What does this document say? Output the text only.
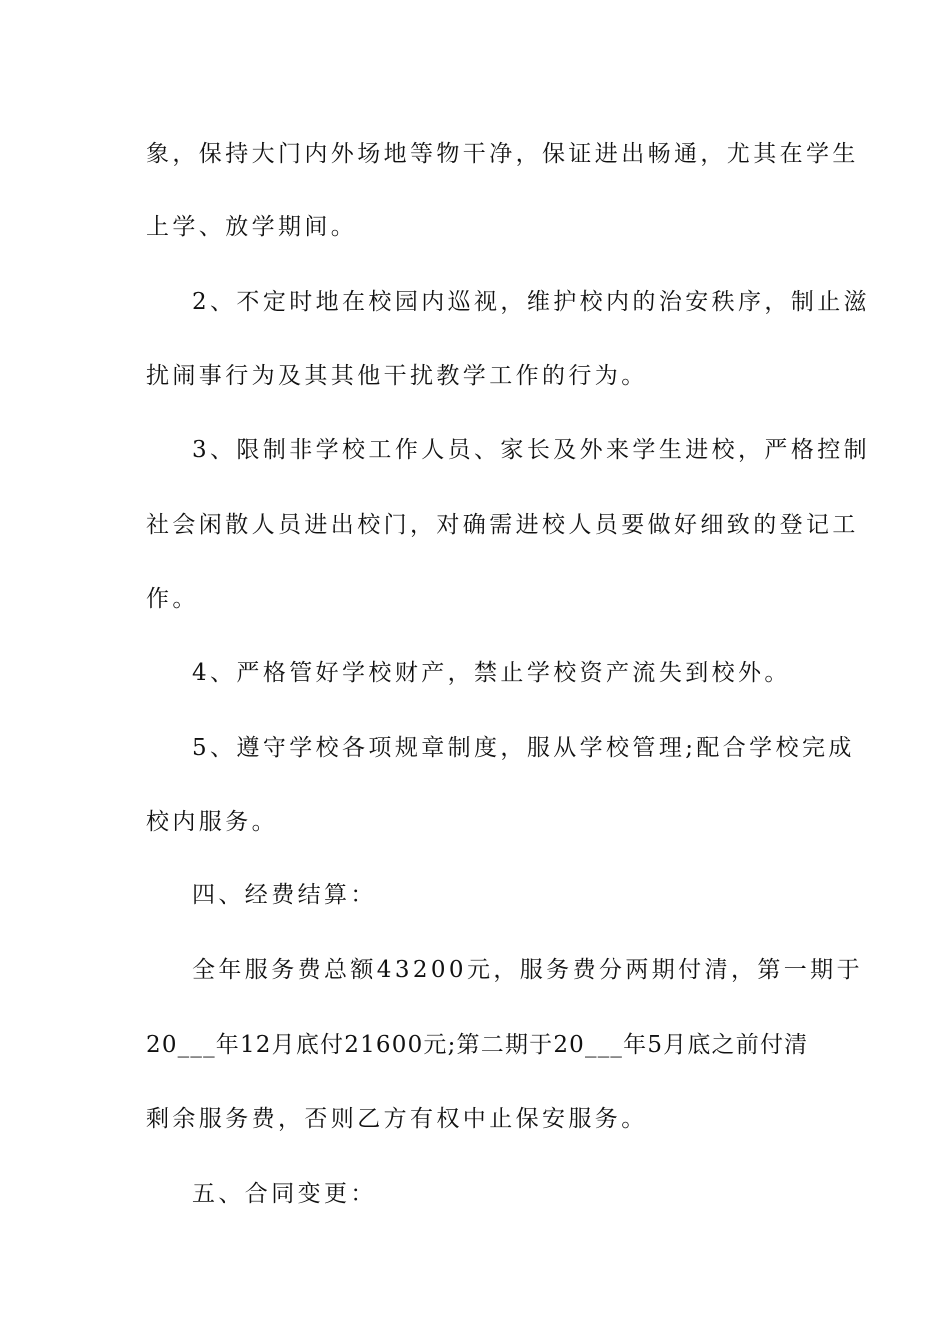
象，保持大门内外场地等物干净，保证进出畅通，尤其在学生
上学、放学期间。
2、不定时地在校园内巡视，维护校内的治安秩序，制止滋
扰闹事行为及其其他干扰教学工作的行为。
3、限制非学校工作人员、家长及外来学生进校，严格控制
社会闲散人员进出校门，对确需进校人员要做好细致的登记工
作。
4、严格管好学校财产，禁止学校资产流失到校外。
5、遵守学校各项规章制度，服从学校管理;配合学校完成
校内服务。
四、经费结算：
全年服务费总额43200元，服务费分两期付清，第一期于
20___年12月底付21600元;第二期于20___年5月底之前付清
剩余服务费，否则乙方有权中止保安服务。
五、合同变更：
